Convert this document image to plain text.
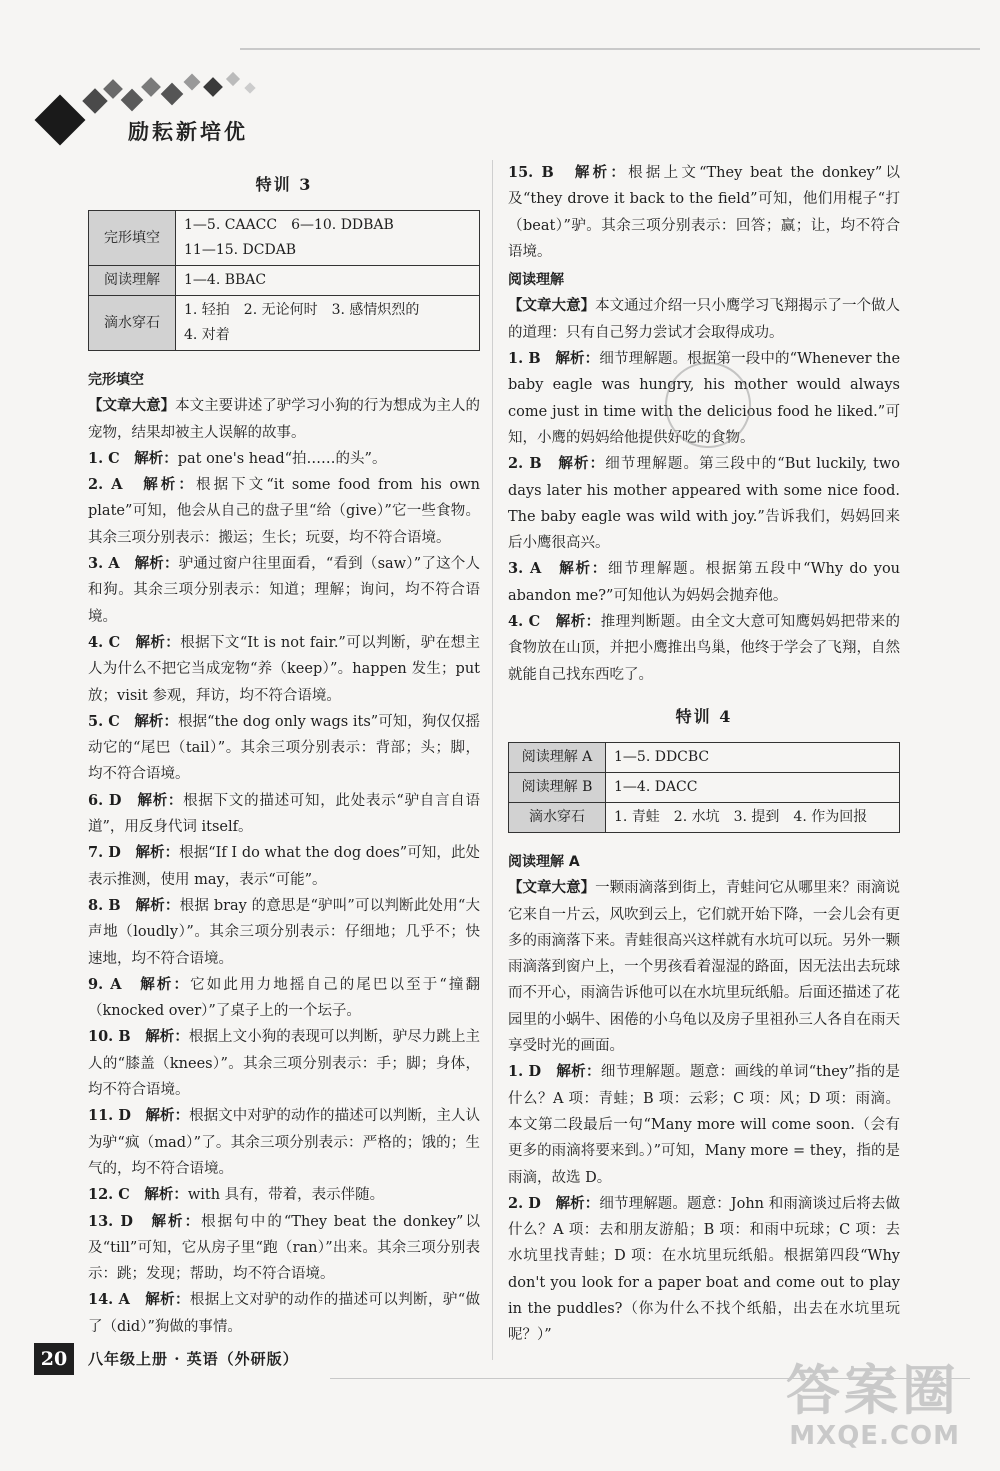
励耘新培优
特训 3
完形填空	1—5. CAACC　6—10. DDBAB
11—15. DCDAB

阅读理解	1—4. BBAC
滴水穿石	1. 轻拍　2. 无论何时　3. 感情炽烈的
4. 对着
完形填空

【文章大意】本文主要讲述了驴学习小狗的行为想成为主人的宠物，结果却被主人误解的故事。

1. C　 解析：pat one's head“拍……的头”。

2. A　 解析：根据下文“it some food from his own plate”可知，他会从自己的盘子里“给（give）”它一些食物。其余三项分别表示：搬运；生长；玩耍，均不符合语境。

3. A　 解析：驴通过窗户往里面看，“看到（saw）”了这个人和狗。其余三项分别表示：知道；理解；询问，均不符合语境。

4. C　 解析：根据下文“It is not fair.”可以判断，驴在想主人为什么不把它当成宠物“养（keep）”。happen 发生；put 放；visit 参观，拜访，均不符合语境。

5. C　 解析：根据“the dog only wags its”可知，狗仅仅摇动它的“尾巴（tail）”。其余三项分别表示：背部；头；脚，均不符合语境。

6. D　 解析：根据下文的描述可知，此处表示“驴自言自语道”，用反身代词 itself。

7. D　 解析：根据“If I do what the dog does”可知，此处表示推测，使用 may，表示“可能”。

8. B　 解析：根据 bray 的意思是“驴叫”可以判断此处用“大声地（loudly）”。其余三项分别表示：仔细地；几乎不；快速地，均不符合语境。

9. A　 解析：它如此用力地摇自己的尾巴以至于“撞翻（knocked over）”了桌子上的一个坛子。

10. B　 解析：根据上文小狗的表现可以判断，驴尽力跳上主人的“膝盖（knees）”。其余三项分别表示：手；脚；身体，均不符合语境。

11. D　 解析：根据文中对驴的动作的描述可以判断，主人认为驴“疯（mad）”了。其余三项分别表示：严格的；饿的；生气的，均不符合语境。

12. C　 解析：with 具有，带着，表示伴随。

13. D　 解析：根据句中的“They beat the donkey”以及“till”可知，它从房子里“跑（ran）”出来。其余三项分别表示：跳；发现；帮助，均不符合语境。

14. A　 解析：根据上文对驴的动作的描述可以判断，驴“做了（did）”狗做的事情。

15. B　 解析：根据上文“They beat the donkey”以及“they drove it back to the field”可知，他们用棍子“打（beat）”驴。其余三项分别表示：回答；赢；让，均不符合语境。

阅读理解

【文章大意】本文通过介绍一只小鹰学习飞翔揭示了一个做人的道理：只有自己努力尝试才会取得成功。

1. B　 解析：细节理解题。根据第一段中的“Whenever the baby eagle was hungry, his mother would always come just in time with the delicious food he liked.”可知，小鹰的妈妈给他提供好吃的食物。

2. B　 解析：细节理解题。第三段中的“But luckily, two days later his mother appeared with some nice food. The baby eagle was wild with joy.”告诉我们，妈妈回来后小鹰很高兴。

3. A　 解析：细节理解题。根据第五段中“Why do you abandon me?”可知他认为妈妈会抛弃他。

4. C　 解析：推理判断题。由全文大意可知鹰妈妈把带来的食物放在山顶，并把小鹰推出鸟巢，他终于学会了飞翔，自然就能自己找东西吃了。

特训 4
阅读理解 A	1—5. DDCBC
阅读理解 B	1—4. DACC
滴水穿石	1. 青蛙　2. 水坑　3. 提到　4. 作为回报
阅读理解 A

【文章大意】一颗雨滴落到街上，青蛙问它从哪里来？雨滴说它来自一片云，风吹到云上，它们就开始下降，一会儿会有更多的雨滴落下来。青蛙很高兴这样就有水坑可以玩。另外一颗雨滴落到窗户上，一个男孩看着湿湿的路面，因无法出去玩球而不开心，雨滴告诉他可以在水坑里玩纸船。后面还描述了花园里的小蜗牛、困倦的小乌龟以及房子里祖孙三人各自在雨天享受时光的画面。

1. D　 解析：细节理解题。题意：画线的单词“they”指的是什么？A 项：青蛙；B 项：云彩；C 项：风；D 项：雨滴。本文第二段最后一句“Many more will come soon.（会有更多的雨滴将要来到。）”可知，Many more = they，指的是雨滴，故选 D。

2. D　 解析：细节理解题。题意：John 和雨滴谈过后将去做什么？A 项：去和朋友游船；B 项：和雨中玩球；C 项：去水坑里找青蛙；D 项：在水坑里玩纸船。根据第四段“Why don't you look for a paper boat and come out to play in the puddles?（你为什么不找个纸船，出去在水坑里玩呢？）”

20	八年级上册 · 英语（外研版）	答案圈
MXQE.COM
